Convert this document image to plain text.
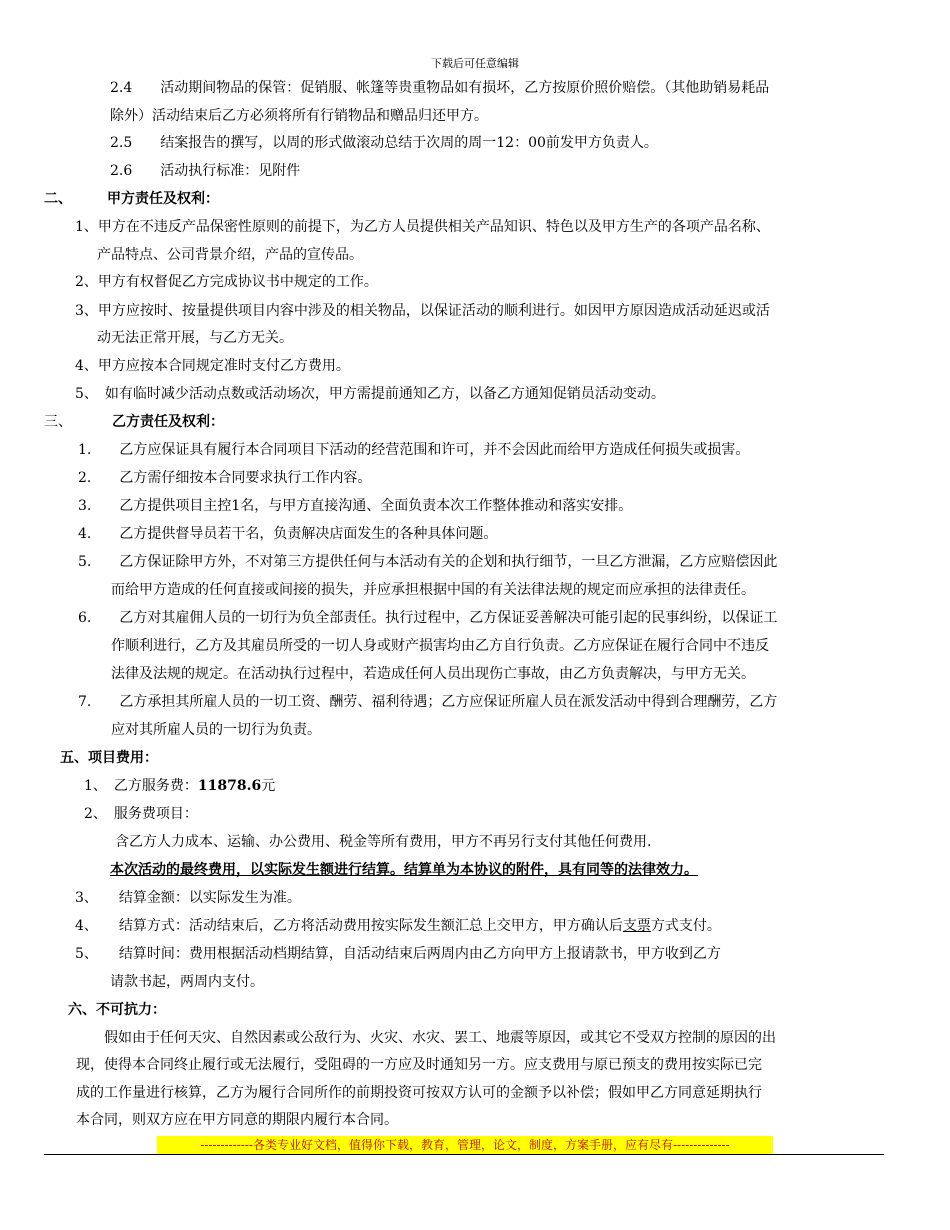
下载后可任意编辑
2.4　　活动期间物品的保管：促销服、帐篷等贵重物品如有损坏，乙方按原价照价赔偿。（其他助销易耗品
除外）活动结束后乙方必须将所有行销物品和赠品归还甲方。
2.5　　结案报告的撰写，以周的形式做滚动总结于次周的周一12：00前发甲方负责人。
2.6　　活动执行标准：见附件
二、　　　甲方责任及权利：
1、甲方在不违反产品保密性原则的前提下，为乙方人员提供相关产品知识、特色以及甲方生产的各项产品名称、
产品特点、公司背景介绍，产品的宣传品。
2、甲方有权督促乙方完成协议书中规定的工作。
3、甲方应按时、按量提供项目内容中涉及的相关物品，以保证活动的顺利进行。如因甲方原因造成活动延迟或活
动无法正常开展，与乙方无关。
4、甲方应按本合同规定准时支付乙方费用。
5、　如有临时减少活动点数或活动场次，甲方需提前通知乙方，以备乙方通知促销员活动变动。
三、	乙方责任及权利：
1.　　乙方应保证具有履行本合同项目下活动的经营范围和许可，并不会因此而给甲方造成任何损失或损害。
2.　　乙方需仔细按本合同要求执行工作内容。
3.　　乙方提供项目主控1名，与甲方直接沟通、全面负责本次工作整体推动和落实安排。
4.　　乙方提供督导员若干名，负责解决店面发生的各种具体问题。
5.　　乙方保证除甲方外，不对第三方提供任何与本活动有关的企划和执行细节，一旦乙方泄漏，乙方应赔偿因此
而给甲方造成的任何直接或间接的损失，并应承担根据中国的有关法律法规的规定而应承担的法律责任。
6.　　乙方对其雇佣人员的一切行为负全部责任。执行过程中，乙方保证妥善解决可能引起的民事纠纷，以保证工
作顺利进行，乙方及其雇员所受的一切人身或财产损害均由乙方自行负责。乙方应保证在履行合同中不违反
法律及法规的规定。在活动执行过程中，若造成任何人员出现伤亡事故，由乙方负责解决，与甲方无关。
7.　　乙方承担其所雇人员的一切工资、酬劳、福利待遇；乙方应保证所雇人员在派发活动中得到合理酬劳，乙方
应对其所雇人员的一切行为负责。
五、项目费用：
1、　乙方服务费：11878.6元
2、　服务费项目：
含乙方人力成本、运输、办公费用、税金等所有费用，甲方不再另行支付其他任何费用.
本次活动的最终费用，以实际发生额进行结算。结算单为本协议的附件，具有同等的法律效力。
3、　　结算金额：以实际发生为准。
4、　　结算方式：活动结束后，乙方将活动费用按实际发生额汇总上交甲方，甲方确认后支票方式支付。
5、　　结算时间：费用根据活动档期结算，自活动结束后两周内由乙方向甲方上报请款书，甲方收到乙方
请款书起，两周内支付。
六、不可抗力：
假如由于任何天灾、自然因素或公敌行为、火灾、水灾、罢工、地震等原因，或其它不受双方控制的原因的出
现，使得本合同终止履行或无法履行，受阻碍的一方应及时通知另一方。应支费用与原已预支的费用按实际已完
成的工作量进行核算，乙方为履行合同所作的前期投资可按双方认可的金额予以补偿；假如甲乙方同意延期执行
本合同，则双方应在甲方同意的期限内履行本合同。
-------------各类专业好文档，值得你下载，教育，管理，论文，制度，方案手册，应有尽有--------------
